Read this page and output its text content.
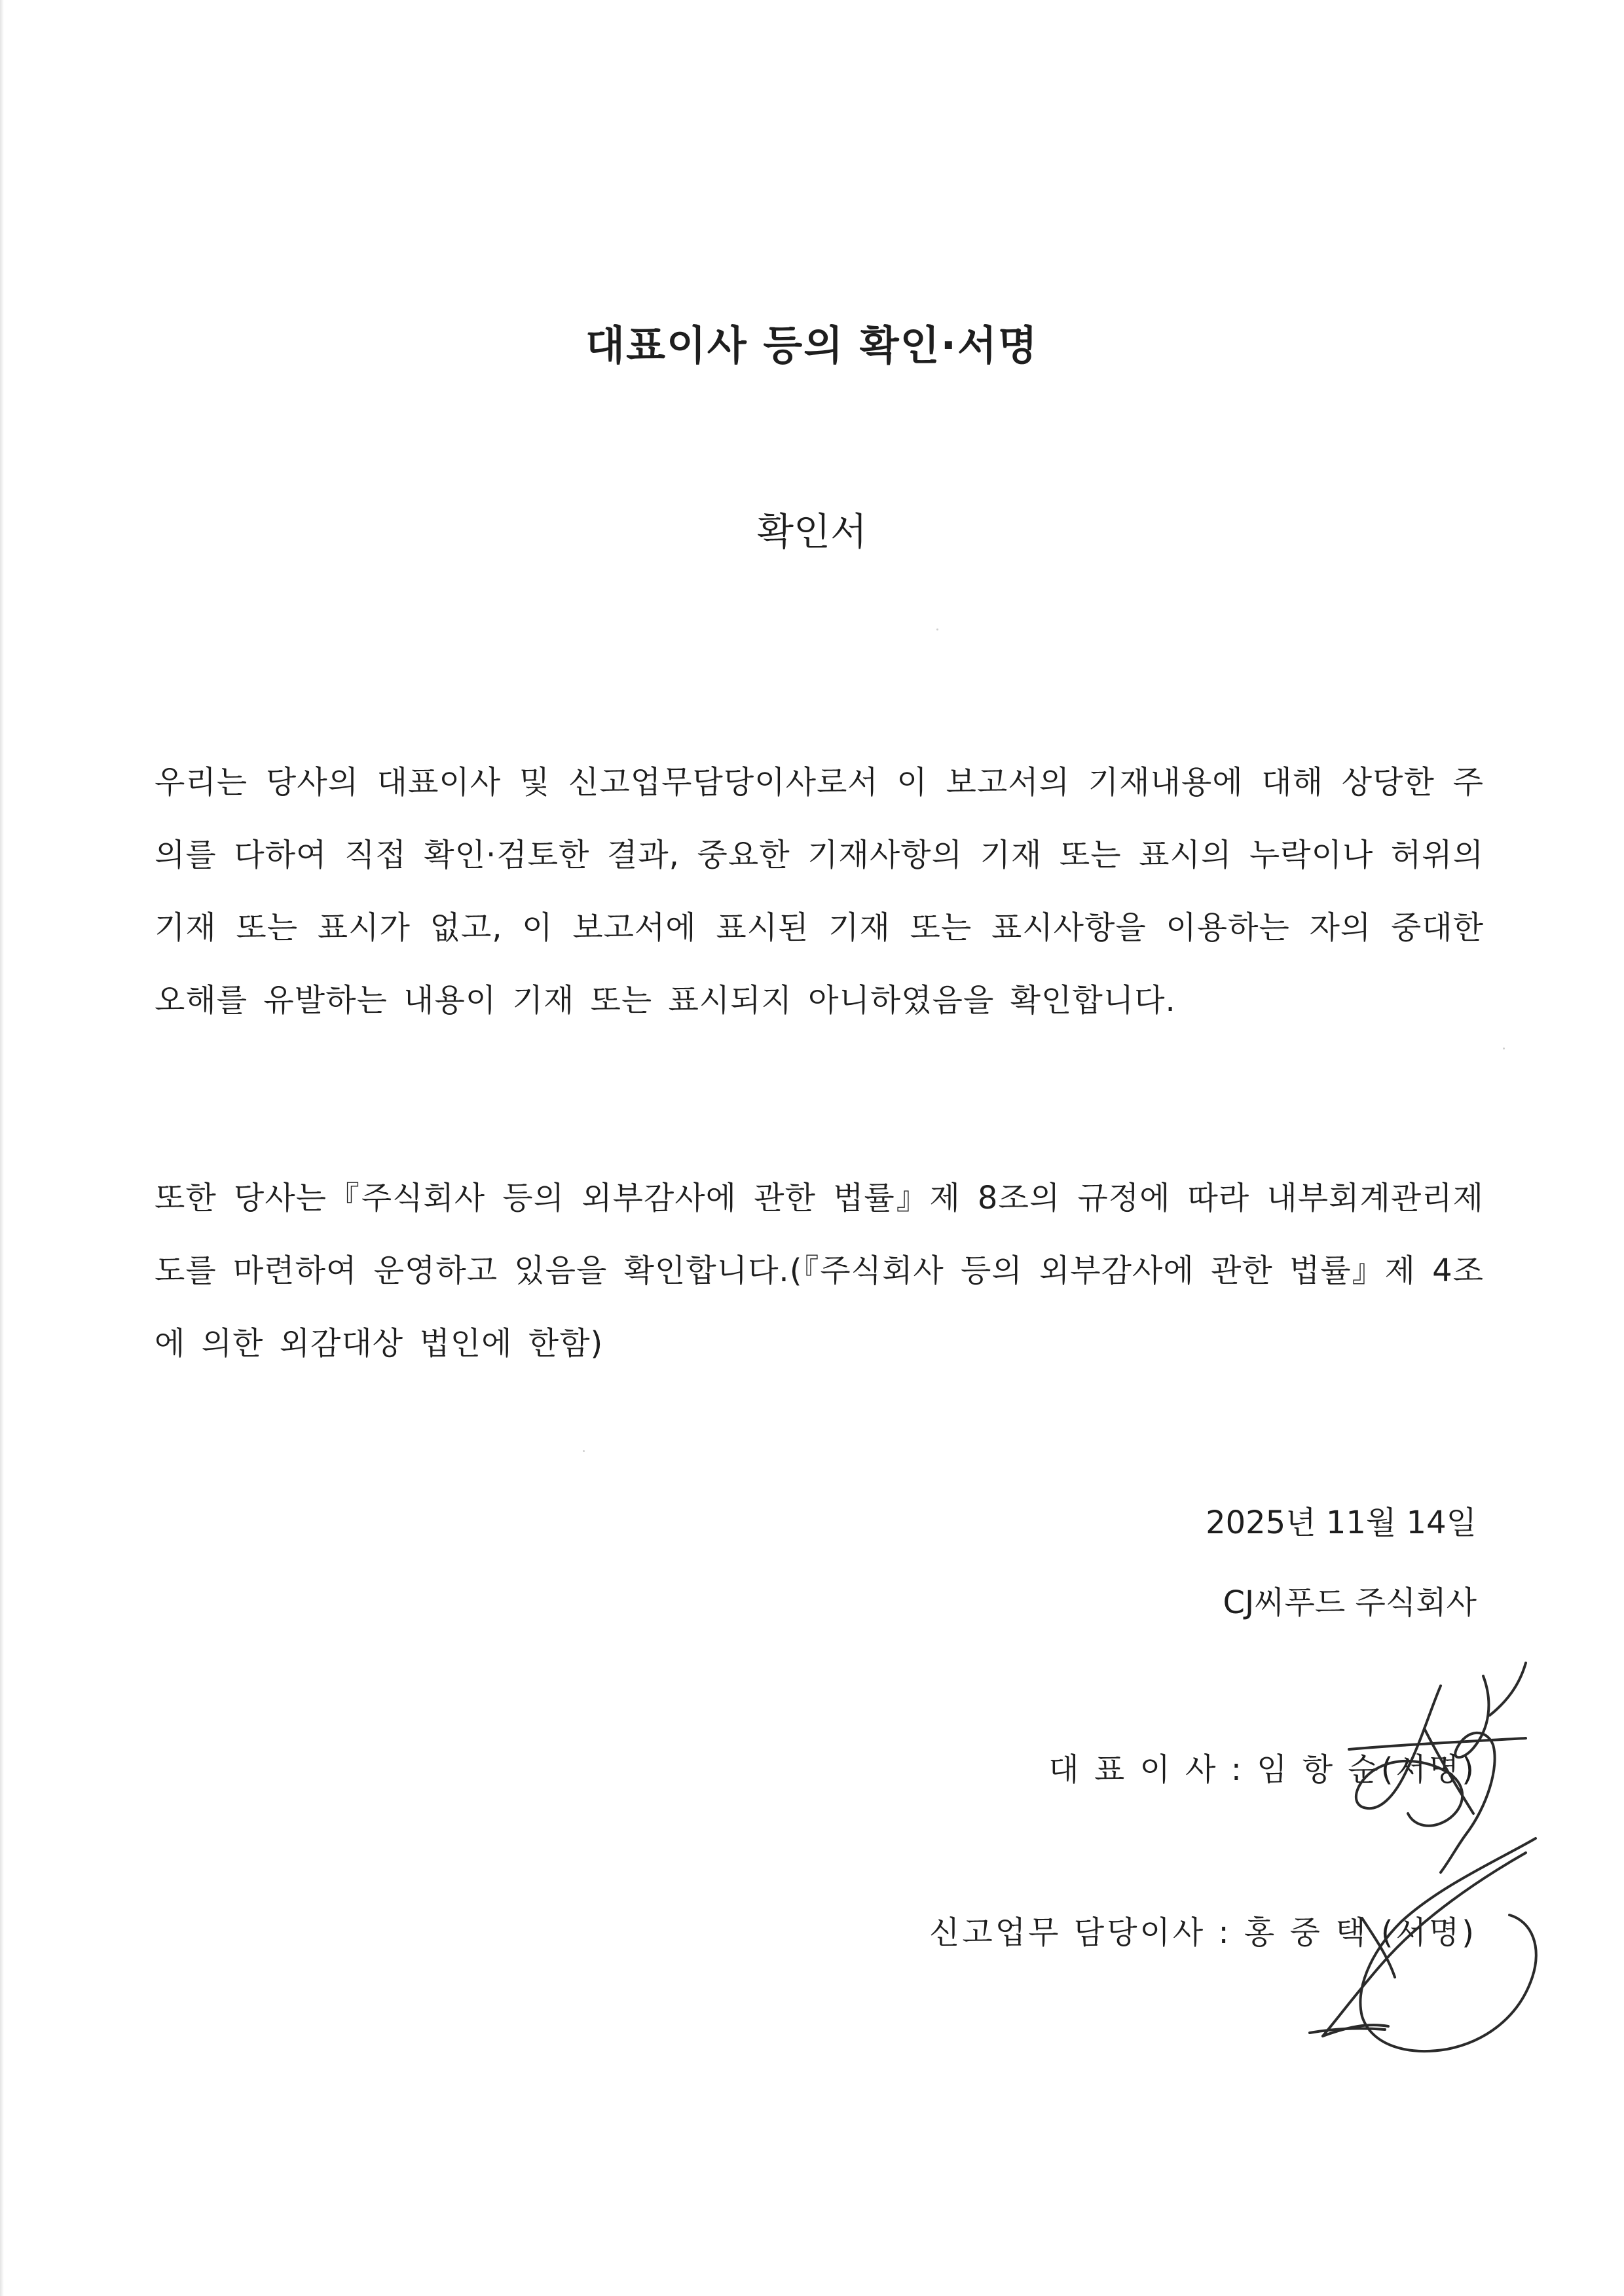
대표이사 등의 확인·서명
확인서

우리는 당사의 대표이사 및 신고업무담당이사로서 이 보고서의 기재내용에 대해 상당한 주의를 다하여 직접 확인·검토한 결과, 중요한 기재사항의 기재 또는 표시의 누락이나 허위의 기재 또는 표시가 없고, 이 보고서에 표시된 기재 또는 표시사항을 이용하는 자의 중대한 오해를 유발하는 내용이 기재 또는 표시되지 아니하였음을 확인합니다.

또한 당사는『주식회사 등의 외부감사에 관한 법률』제 8조의 규정에 따라 내부회계관리제도를 마련하여 운영하고 있음을 확인합니다.(『주식회사 등의 외부감사에 관한 법률』제 4조에 의한 외감대상 법인에 한함)

2025년 11월 14일
CJ씨푸드 주식회사
대 표 이 사 : 임 항 순(서명)
신고업무 담당이사 : 홍 중 택 (서명)
